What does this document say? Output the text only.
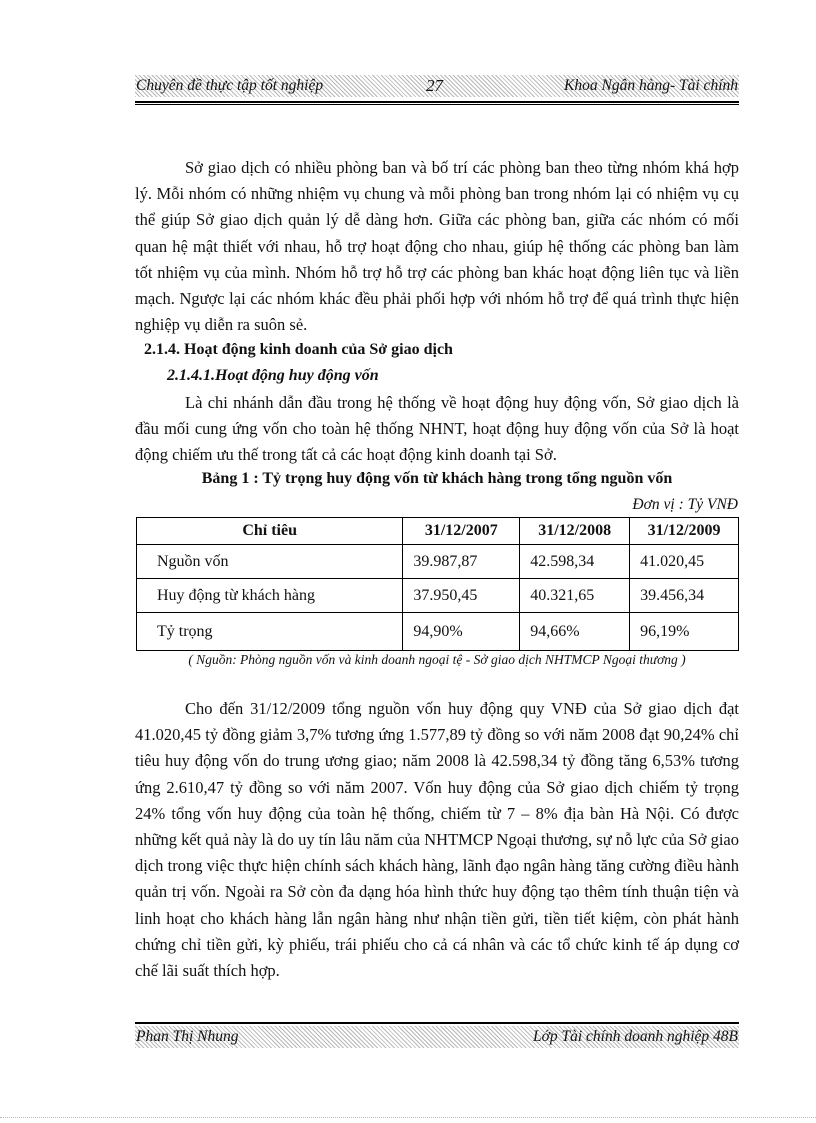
Chuyên đề thực tập tốt nghiệp	27	Khoa Ngân hàng- Tài chính

Sở giao dịch có nhiều phòng ban và bố trí các phòng ban theo từng nhóm khá hợp lý. Mỗi nhóm có những nhiệm vụ chung và mỗi phòng ban trong nhóm lại có nhiệm vụ cụ thể giúp Sở giao dịch quản lý dễ dàng hơn. Giữa các phòng ban, giữa các nhóm có mối quan hệ mật thiết với nhau, hỗ trợ hoạt động cho nhau, giúp hệ thống các phòng ban làm tốt nhiệm vụ của mình. Nhóm hỗ trợ hỗ trợ các phòng ban khác hoạt động liên tục và liền mạch. Ngược lại các nhóm khác đều phải phối hợp với nhóm hỗ trợ để quá trình thực hiện nghiệp vụ diễn ra suôn sẻ.

2.1.4. Hoạt động kinh doanh của Sở giao dịch

2.1.4.1.Hoạt động huy động vốn

Là chi nhánh dẫn đầu trong hệ thống về hoạt động huy động vốn, Sở giao dịch là đầu mối cung ứng vốn cho toàn hệ thống NHNT, hoạt động huy động vốn của Sở là hoạt động chiếm ưu thế trong tất cả các hoạt động kinh doanh tại Sở.

Bảng 1 : Tỷ trọng huy động vốn từ khách hàng trong tổng nguồn vốn

Đơn vị : Tỷ VNĐ

Chỉ tiêu	31/12/2007	31/12/2008	31/12/2009
Nguồn vốn	39.987,87	42.598,34	41.020,45
Huy động từ khách hàng	37.950,45	40.321,65	39.456,34
Tỷ trọng	94,90%	94,66%	96,19%

( Nguồn: Phòng nguồn vốn và kinh doanh ngoại tệ - Sở giao dịch NHTMCP Ngoại thương )

Cho đến 31/12/2009 tổng nguồn vốn huy động quy VNĐ của Sở giao dịch đạt 41.020,45 tỷ đồng giảm 3,7% tương ứng 1.577,89 tỷ đồng so với năm 2008 đạt 90,24% chỉ tiêu huy động vốn do trung ương giao; năm 2008 là 42.598,34 tỷ đồng tăng 6,53% tương ứng 2.610,47 tỷ đồng so với năm 2007. Vốn huy động của Sở giao dịch chiếm tỷ trọng 24% tổng vốn huy động của toàn hệ thống, chiếm từ 7 – 8% địa bàn Hà Nội. Có được những kết quả này là do uy tín lâu năm của NHTMCP Ngoại thương, sự nỗ lực của Sở giao dịch trong việc thực hiện chính sách khách hàng, lãnh đạo ngân hàng tăng cường điều hành quản trị vốn. Ngoài ra Sở còn đa dạng hóa hình thức huy động tạo thêm tính thuận tiện và linh hoạt cho khách hàng lẫn ngân hàng như nhận tiền gửi, tiền tiết kiệm, còn phát hành chứng chỉ tiền gửi, kỳ phiếu, trái phiếu cho cả cá nhân và các tổ chức kinh tế áp dụng cơ chế lãi suất thích hợp.

Phan Thị Nhung	Lớp Tài chính doanh nghiệp 48B
